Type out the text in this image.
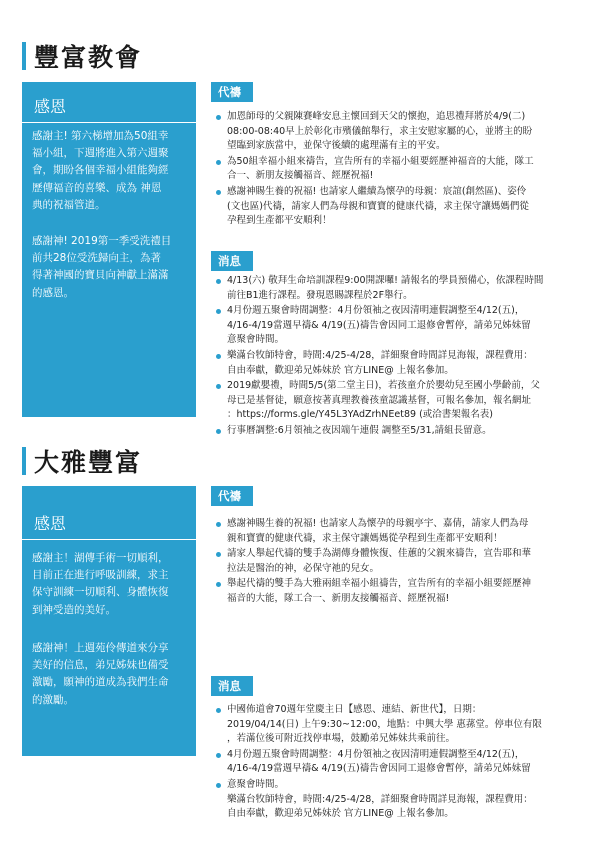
豐富教會
感恩
感謝主! 第六梯增加為50組幸
福小組，下週將進入第六週聚
會，期盼各個幸福小組能夠經
歷傳福音的喜樂、成為 神恩
典的祝福管道。
感謝神! 2019第一季受洗禮目
前共28位受洗歸向主，為著
得著神國的寶貝向神獻上滿滿
的感恩。
代禱
加恩師母的父親陳賽峰安息主懷回到天父的懷抱，追思禮拜將於4/9(二)
08:00-08:40早上於彰化市殯儀館舉行，求主安慰家屬的心，並將主的盼
望臨到家族當中，並保守後續的處理滿有主的平安。
為50組幸福小組來禱告，宣告所有的幸福小組要經歷神福音的大能，隊工
合一、新朋友接觸福音、經歷祝福!
感謝神賜生養的祝福! 也請家人繼續為懷孕的母親：宸誼(創然區)、姿伶
(文也區)代禱，請家人們為母親和寶寶的健康代禱，求主保守讓媽媽們從
孕程到生產都平安順利！
消息
4/13(六) 敬拜生命培訓課程9:00開課囉! 請報名的學員預備心，依課程時間
前往B1進行課程。發現恩賜課程於2F舉行。
4月份週五聚會時間調整：4月份領袖之夜因清明連假調整至4/12(五)，
4/16-4/19當週早禱& 4/19(五)禱告會因同工退修會暫停，請弟兄姊妹留
意聚會時間。
樂滿台牧師特會，時間:4/25-4/28，詳細聚會時間詳見海報，課程費用：
自由奉獻，歡迎弟兄姊妹於 官方LINE@ 上報名參加。
2019獻嬰禮，時間5/5(第二堂主日)，若孩童介於嬰幼兒至國小學齡前，父
母已是基督徒，願意按著真理教養孩童認識基督，可報名參加，報名網址
：https://forms.gle/Y45L3YAdZrhNEet89 (或洽書架報名表)
行事曆調整:6月領袖之夜因端午連假 調整至5/31,請組長留意。
大雅豐富
感恩
感謝主！湖傳手術一切順利，
目前正在進行呼吸訓練，求主
保守訓練一切順利、身體恢復
到神受造的美好。
感謝神！上週苑伶傳道來分享
美好的信息，弟兄姊妹也備受
激勵，願神的道成為我們生命
的激勵。
代禱
感謝神賜生養的祝福! 也請家人為懷孕的母親亭宇、嘉倩，請家人們為母
親和寶寶的健康代禱，求主保守讓媽媽從孕程到生產都平安順利！
請家人舉起代禱的雙手為湖傳身體恢復、佳蕙的父親來禱告，宣告耶和華
拉法是醫治的神，必保守祂的兒女。
舉起代禱的雙手為大雅兩組幸福小組禱告，宣告所有的幸福小組要經歷神
福音的大能，隊工合一、新朋友接觸福音、經歷祝福!
消息
中國佈道會70週年堂慶主日【感恩、連結、新世代】，日期：
2019/04/14(日) 上午9:30~12:00，地點：中興大學 惠蓀堂。停車位有限
，若滿位後可附近找停車場，鼓勵弟兄姊妹共乘前往。
4月份週五聚會時間調整：4月份領袖之夜因清明連假調整至4/12(五)，
4/16-4/19當週早禱& 4/19(五)禱告會因同工退修會暫停，請弟兄姊妹留
意聚會時間。
樂滿台牧師特會，時間:4/25-4/28，詳細聚會時間詳見海報，課程費用：
自由奉獻，歡迎弟兄姊妹於 官方LINE@ 上報名參加。
